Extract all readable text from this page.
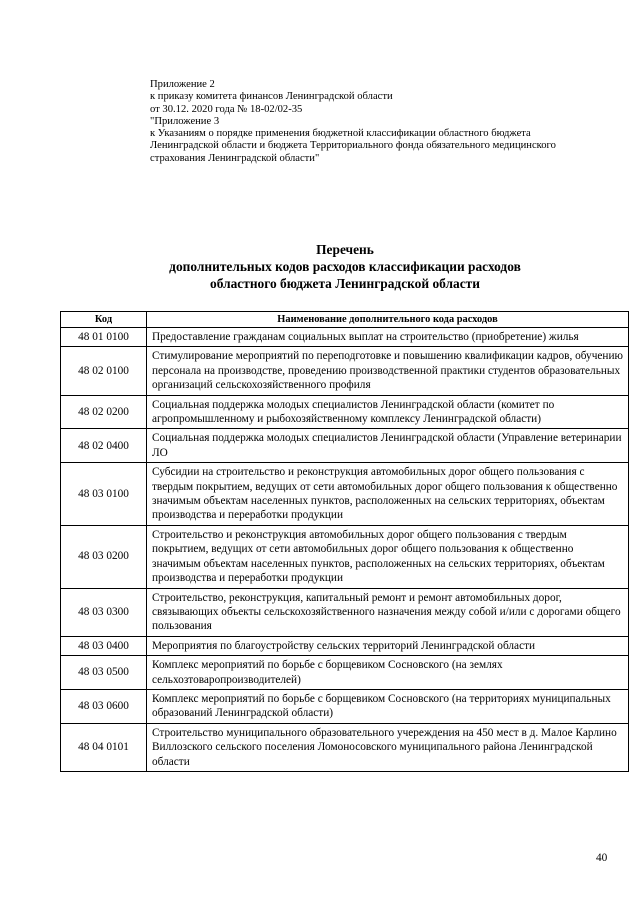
Приложение 2
к приказу комитета финансов Ленинградской области
от 30.12. 2020 года № 18-02/02-35
"Приложение 3
к Указаниям о порядке применения бюджетной классификации областного бюджета
Ленинградской области и бюджета Территориального фонда обязательного медицинского
страхования Ленинградской области"
Перечень
дополнительных кодов расходов классификации расходов
областного бюджета Ленинградской области
Код	Наименование дополнительного кода расходов
48 01 0100	Предоставление гражданам социальных выплат на строительство (приобретение) жилья
48 02 0100	Стимулирование мероприятий по переподготовке и повышению квалификации кадров, обучению персонала на производстве, проведению производственной практики студентов образовательных организаций сельскохозяйственного профиля
48 02 0200	Социальная поддержка молодых специалистов Ленинградской области (комитет по агропромышленному и рыбохозяйственному комплексу Ленинградской области)
48 02 0400	Социальная поддержка молодых специалистов Ленинградской области (Управление ветеринарии ЛО
48 03 0100	Субсидии на строительство и реконструкция автомобильных дорог общего пользования с твердым покрытием, ведущих от сети автомобильных дорог общего пользования к общественно значимым объектам населенных пунктов, расположенных на сельских территориях, объектам производства и переработки продукции
48 03 0200	Строительство и реконструкция автомобильных дорог общего пользования с твердым покрытием, ведущих от сети автомобильных дорог общего пользования к общественно значимым объектам населенных пунктов, расположенных на сельских территориях, объектам производства и переработки продукции
48 03 0300	Строительство, реконструкция, капитальный ремонт и ремонт автомобильных дорог, связывающих объекты сельскохозяйственного назначения между собой и/или с дорогами общего пользования
48 03 0400	Мероприятия по благоустройству сельских территорий Ленинградской области
48 03 0500	Комплекс мероприятий по борьбе с борщевиком Сосновского (на землях сельхозтоваропроизводителей)
48 03 0600	Комплекс мероприятий по борьбе с борщевиком Сосновского (на территориях муниципальных образований Ленинградской области)
48 04 0101	Строительство муниципального образовательного учереждения на 450 мест в д. Малое Карлино Виллозского сельского поселения Ломоносовского муниципального района Ленинградской области
40
